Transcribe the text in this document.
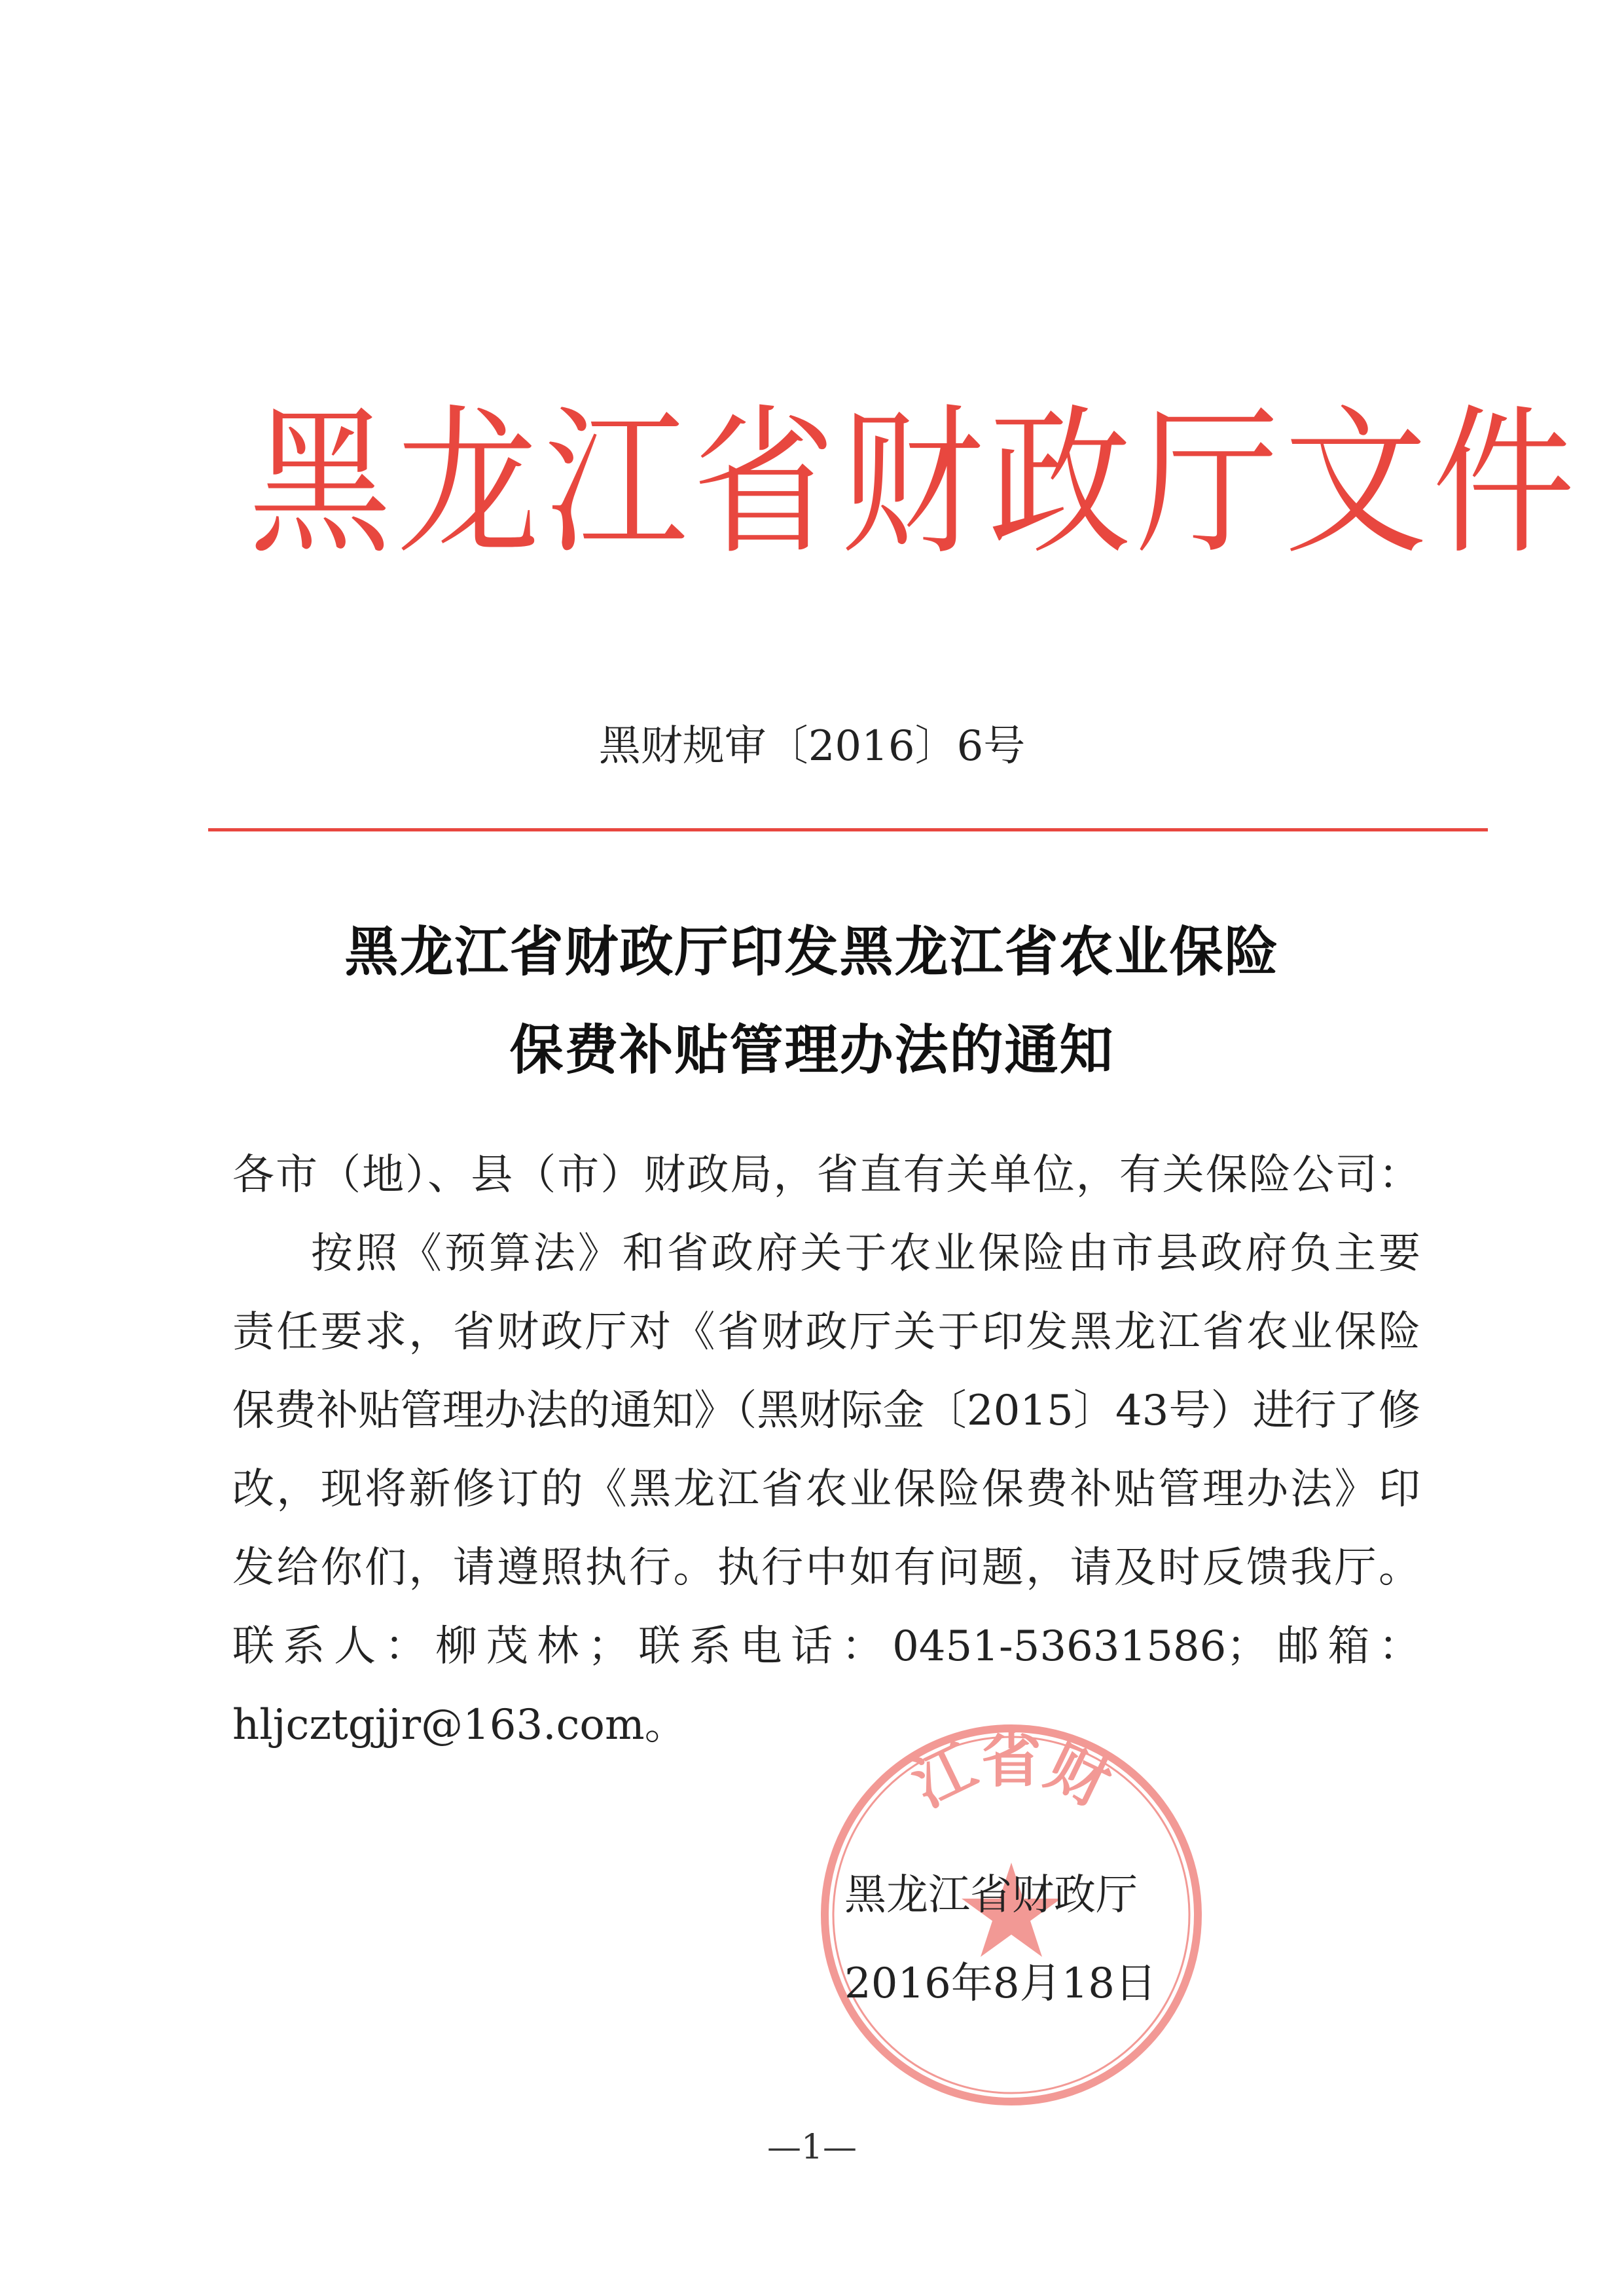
黑龙江省财政厅文件
黑财规审〔2016〕6号
黑龙江省财政厅印发黑龙江省农业保险
保费补贴管理办法的通知
各市（地）、县（市）财政局，省直有关单位，有关保险公司：
按照《预算法》和省政府关于农业保险由市县政府负主要
责任要求，省财政厅对《省财政厅关于印发黑龙江省农业保险
保费补贴管理办法的通知》（黑财际金〔2015〕43号）进行了修
改，现将新修订的《黑龙江省农业保险保费补贴管理办法》印
发给你们，请遵照执行。执行中如有问题，请及时反馈我厅。
联系人：柳茂林；联系电话：0451-53631586；邮箱：
hljcztgjjr@163.com。
江省财
黑龙江省财政厅
2016年8月18日
—1—
